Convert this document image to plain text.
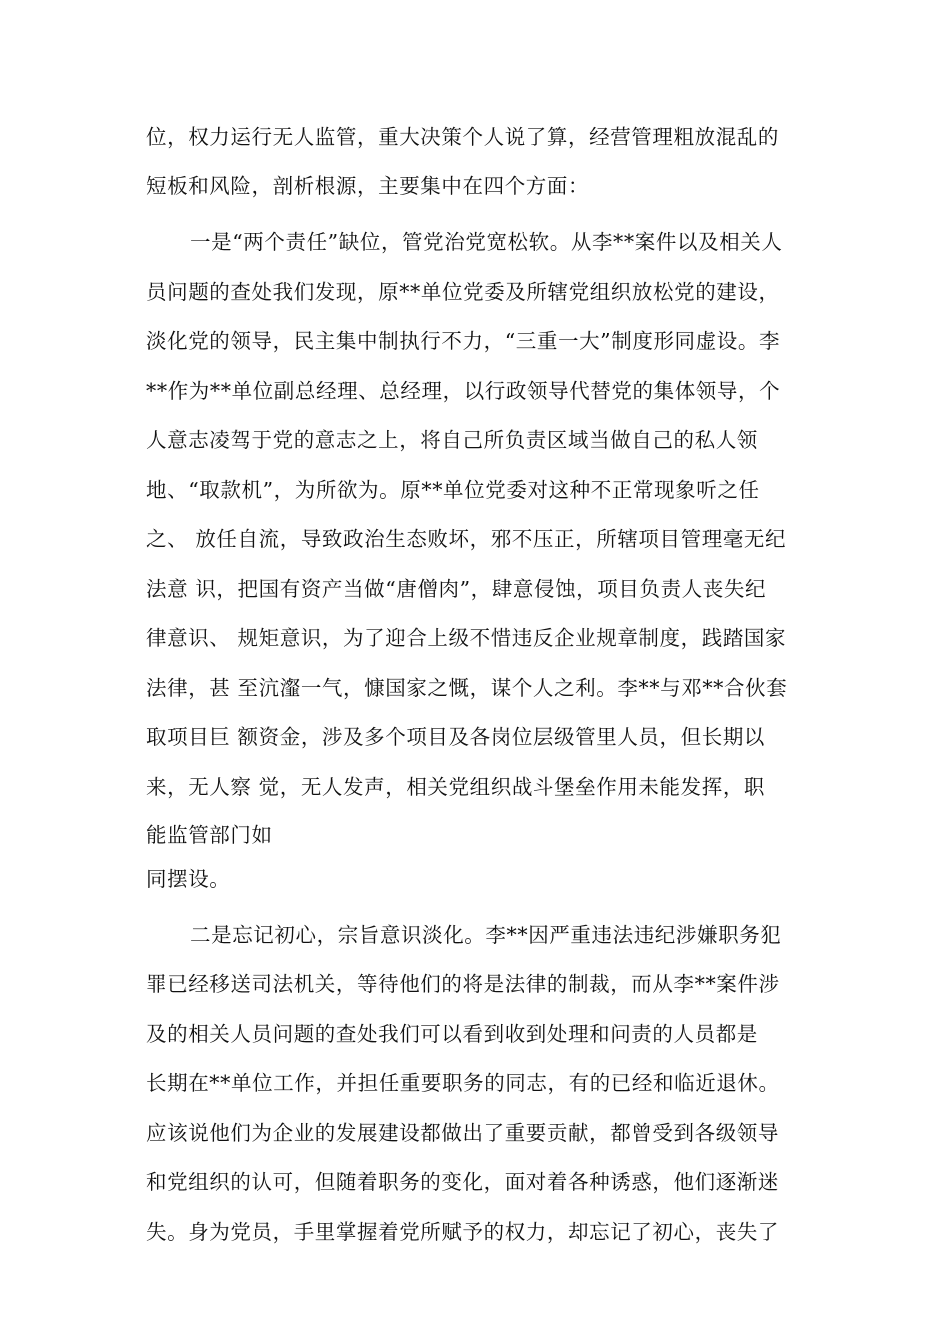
位，权力运行无人监管，重大决策个人说了算，经营管理粗放混乱的
短板和风险，剖析根源，主要集中在四个方面：
一是“两个责任”缺位，管党治党宽松软。从李**案件以及相关人
员问题的查处我们发现，原**单位党委及所辖党组织放松党的建设，
淡化党的领导，民主集中制执行不力，“三重一大”制度形同虚设。李
**作为**单位副总经理、总经理，以行政领导代替党的集体领导，个
人意志凌驾于党的意志之上，将自己所负责区域当做自己的私人领
地、“取款机”，为所欲为。原**单位党委对这种不正常现象听之任
之、 放任自流，导致政治生态败坏，邪不压正，所辖项目管理毫无纪
法意 识，把国有资产当做“唐僧肉”，肆意侵蚀，项目负责人丧失纪
律意识、 规矩意识，为了迎合上级不惜违反企业规章制度，践踏国家
法律，甚 至沆瀣一气，慷国家之慨，谋个人之利。李**与邓**合伙套
取项目巨 额资金，涉及多个项目及各岗位层级管里人员，但长期以
来，无人察 觉，无人发声，相关党组织战斗堡垒作用未能发挥，职
能监管部门如
同摆设。
二是忘记初心，宗旨意识淡化。李**因严重违法违纪涉嫌职务犯
罪已经移送司法机关，等待他们的将是法律的制裁，而从李**案件涉
及的相关人员问题的查处我们可以看到收到处理和问责的人员都是
长期在**单位工作，并担任重要职务的同志，有的已经和临近退休。
应该说他们为企业的发展建设都做出了重要贡献，都曾受到各级领导
和党组织的认可，但随着职务的变化，面对着各种诱惑，他们逐渐迷
失。身为党员，手里掌握着党所赋予的权力，却忘记了初心，丧失了
